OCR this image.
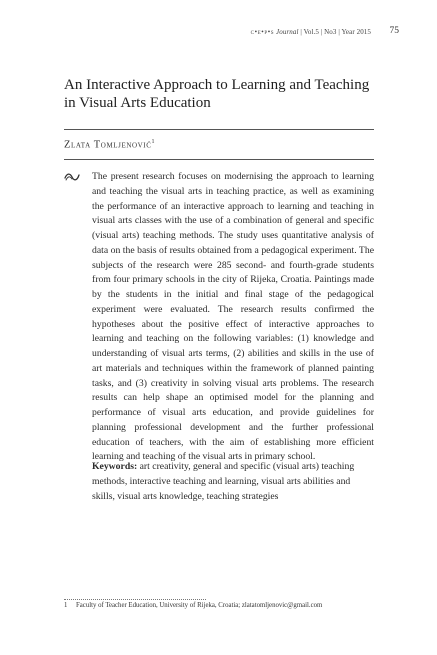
c•e•p•s Journal | Vol.5 | No3 | Year 2015 75
An Interactive Approach to Learning and Teaching in Visual Arts Education
Zlata Tomljenović$^1$

The present research focuses on modernising the approach to learning and teaching the visual arts in teaching practice, as well as examining the performance of an interactive approach to learning and teaching in visual arts classes with the use of a combination of general and specific (visual arts) teaching methods. The study uses quantitative analysis of data on the basis of results obtained from a pedagogical experiment. The subjects of the research were 285 second- and fourth-grade students from four primary schools in the city of Rijeka, Croatia. Paintings made by the students in the initial and final stage of the pedagogical experiment were evaluated. The research results confirmed the hypotheses about the positive effect of interactive approaches to learning and teaching on the following variables: (1) knowledge and understanding of visual arts terms, (2) abilities and skills in the use of art materials and techniques within the framework of planned painting tasks, and (3) creativity in solving visual arts problems. The research results can help shape an optimised model for the planning and performance of visual arts education, and provide guidelines for planning professional development and the further professional education of teachers, with the aim of establishing more efficient learning and teaching of the visual arts in primary school.

Keywords: art creativity, general and specific (visual arts) teaching methods, interactive teaching and learning, visual arts abilities and skills, visual arts knowledge, teaching strategies

1 Faculty of Teacher Education, University of Rijeka, Croatia; zlatatomljenovic@gmail.com
